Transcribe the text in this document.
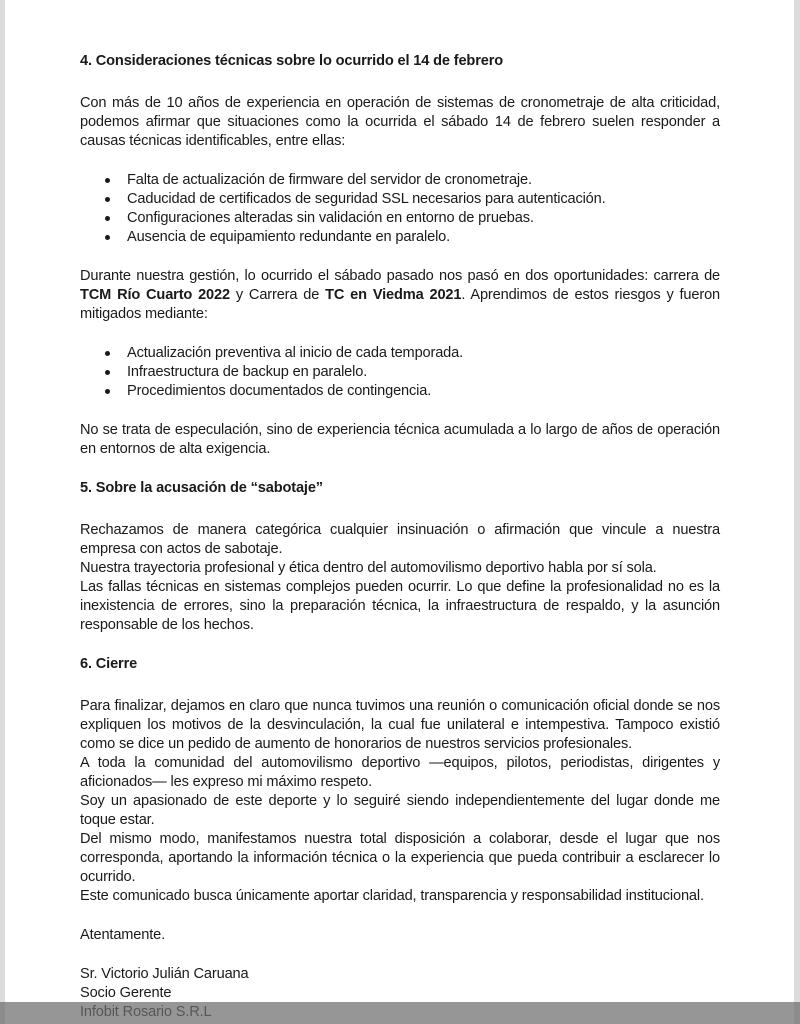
4. Consideraciones técnicas sobre lo ocurrido el 14 de febrero

Con más de 10 años de experiencia en operación de sistemas de cronometraje de alta criticidad, podemos afirmar que situaciones como la ocurrida el sábado 14 de febrero suelen responder a causas técnicas identificables, entre ellas:

Falta de actualización de firmware del servidor de cronometraje.
Caducidad de certificados de seguridad SSL necesarios para autenticación.
Configuraciones alteradas sin validación en entorno de pruebas.
Ausencia de equipamiento redundante en paralelo.

Durante nuestra gestión, lo ocurrido el sábado pasado nos pasó en dos oportunidades: carrera de TCM Río Cuarto 2022 y Carrera de TC en Viedma 2021. Aprendimos de estos riesgos y fueron mitigados mediante:

Actualización preventiva al inicio de cada temporada.
Infraestructura de backup en paralelo.
Procedimientos documentados de contingencia.

No se trata de especulación, sino de experiencia técnica acumulada a lo largo de años de operación en entornos de alta exigencia.

5. Sobre la acusación de “sabotaje”

Rechazamos de manera categórica cualquier insinuación o afirmación que vincule a nuestra empresa con actos de sabotaje.

Nuestra trayectoria profesional y ética dentro del automovilismo deportivo habla por sí sola.

Las fallas técnicas en sistemas complejos pueden ocurrir. Lo que define la profesionalidad no es la inexistencia de errores, sino la preparación técnica, la infraestructura de respaldo, y la asunción responsable de los hechos.

6. Cierre

Para finalizar, dejamos en claro que nunca tuvimos una reunión o comunicación oficial donde se nos expliquen los motivos de la desvinculación, la cual fue unilateral e intempestiva. Tampoco existió como se dice un pedido de aumento de honorarios de nuestros servicios profesionales.

A toda la comunidad del automovilismo deportivo —equipos, pilotos, periodistas, dirigentes y aficionados— les expreso mi máximo respeto.

Soy un apasionado de este deporte y lo seguiré siendo independientemente del lugar donde me toque estar.

Del mismo modo, manifestamos nuestra total disposición a colaborar, desde el lugar que nos corresponda, aportando la información técnica o la experiencia que pueda contribuir a esclarecer lo ocurrido.

Este comunicado busca únicamente aportar claridad, transparencia y responsabilidad institucional.

Atentamente.

Sr. Victorio Julián Caruana

Socio Gerente
